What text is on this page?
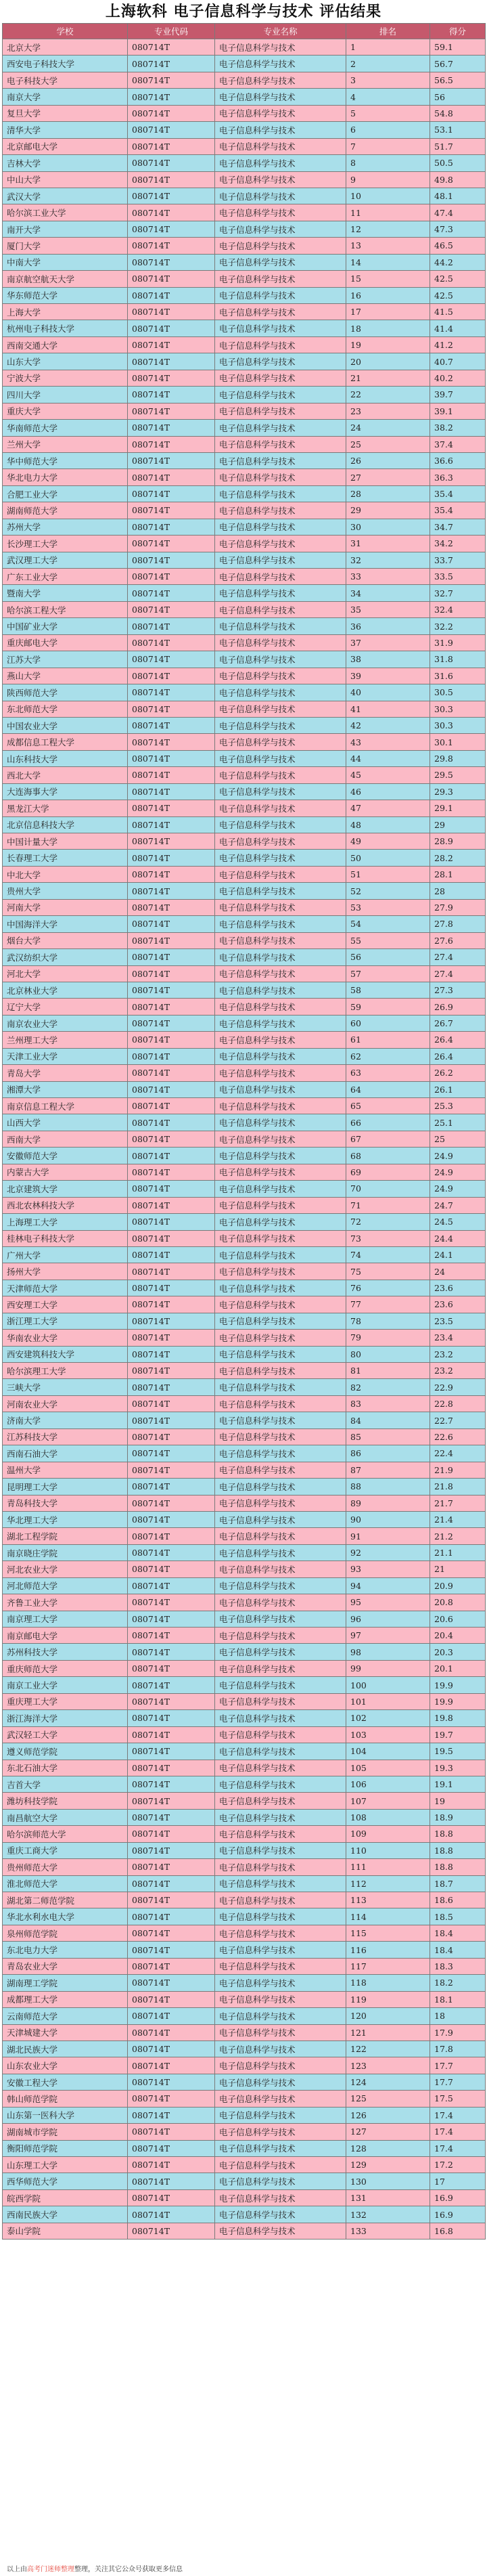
上海软科 电子信息科学与技术 评估结果
学校	专业代码	专业名称	排名	得分
北京大学	080714T	电子信息科学与技术	1	59.1
西安电子科技大学	080714T	电子信息科学与技术	2	56.7
电子科技大学	080714T	电子信息科学与技术	3	56.5
南京大学	080714T	电子信息科学与技术	4	56
复旦大学	080714T	电子信息科学与技术	5	54.8
清华大学	080714T	电子信息科学与技术	6	53.1
北京邮电大学	080714T	电子信息科学与技术	7	51.7
吉林大学	080714T	电子信息科学与技术	8	50.5
中山大学	080714T	电子信息科学与技术	9	49.8
武汉大学	080714T	电子信息科学与技术	10	48.1
哈尔滨工业大学	080714T	电子信息科学与技术	11	47.4
南开大学	080714T	电子信息科学与技术	12	47.3
厦门大学	080714T	电子信息科学与技术	13	46.5
中南大学	080714T	电子信息科学与技术	14	44.2
南京航空航天大学	080714T	电子信息科学与技术	15	42.5
华东师范大学	080714T	电子信息科学与技术	16	42.5
上海大学	080714T	电子信息科学与技术	17	41.5
杭州电子科技大学	080714T	电子信息科学与技术	18	41.4
西南交通大学	080714T	电子信息科学与技术	19	41.2
山东大学	080714T	电子信息科学与技术	20	40.7
宁波大学	080714T	电子信息科学与技术	21	40.2
四川大学	080714T	电子信息科学与技术	22	39.7
重庆大学	080714T	电子信息科学与技术	23	39.1
华南师范大学	080714T	电子信息科学与技术	24	38.2
兰州大学	080714T	电子信息科学与技术	25	37.4
华中师范大学	080714T	电子信息科学与技术	26	36.6
华北电力大学	080714T	电子信息科学与技术	27	36.3
合肥工业大学	080714T	电子信息科学与技术	28	35.4
湖南师范大学	080714T	电子信息科学与技术	29	35.4
苏州大学	080714T	电子信息科学与技术	30	34.7
长沙理工大学	080714T	电子信息科学与技术	31	34.2
武汉理工大学	080714T	电子信息科学与技术	32	33.7
广东工业大学	080714T	电子信息科学与技术	33	33.5
暨南大学	080714T	电子信息科学与技术	34	32.7
哈尔滨工程大学	080714T	电子信息科学与技术	35	32.4
中国矿业大学	080714T	电子信息科学与技术	36	32.2
重庆邮电大学	080714T	电子信息科学与技术	37	31.9
江苏大学	080714T	电子信息科学与技术	38	31.8
燕山大学	080714T	电子信息科学与技术	39	31.6
陕西师范大学	080714T	电子信息科学与技术	40	30.5
东北师范大学	080714T	电子信息科学与技术	41	30.3
中国农业大学	080714T	电子信息科学与技术	42	30.3
成都信息工程大学	080714T	电子信息科学与技术	43	30.1
山东科技大学	080714T	电子信息科学与技术	44	29.8
西北大学	080714T	电子信息科学与技术	45	29.5
大连海事大学	080714T	电子信息科学与技术	46	29.3
黑龙江大学	080714T	电子信息科学与技术	47	29.1
北京信息科技大学	080714T	电子信息科学与技术	48	29
中国计量大学	080714T	电子信息科学与技术	49	28.9
长春理工大学	080714T	电子信息科学与技术	50	28.2
中北大学	080714T	电子信息科学与技术	51	28.1
贵州大学	080714T	电子信息科学与技术	52	28
河南大学	080714T	电子信息科学与技术	53	27.9
中国海洋大学	080714T	电子信息科学与技术	54	27.8
烟台大学	080714T	电子信息科学与技术	55	27.6
武汉纺织大学	080714T	电子信息科学与技术	56	27.4
河北大学	080714T	电子信息科学与技术	57	27.4
北京林业大学	080714T	电子信息科学与技术	58	27.3
辽宁大学	080714T	电子信息科学与技术	59	26.9
南京农业大学	080714T	电子信息科学与技术	60	26.7
兰州理工大学	080714T	电子信息科学与技术	61	26.4
天津工业大学	080714T	电子信息科学与技术	62	26.4
青岛大学	080714T	电子信息科学与技术	63	26.2
湘潭大学	080714T	电子信息科学与技术	64	26.1
南京信息工程大学	080714T	电子信息科学与技术	65	25.3
山西大学	080714T	电子信息科学与技术	66	25.1
西南大学	080714T	电子信息科学与技术	67	25
安徽师范大学	080714T	电子信息科学与技术	68	24.9
内蒙古大学	080714T	电子信息科学与技术	69	24.9
北京建筑大学	080714T	电子信息科学与技术	70	24.9
西北农林科技大学	080714T	电子信息科学与技术	71	24.7
上海理工大学	080714T	电子信息科学与技术	72	24.5
桂林电子科技大学	080714T	电子信息科学与技术	73	24.4
广州大学	080714T	电子信息科学与技术	74	24.1
扬州大学	080714T	电子信息科学与技术	75	24
天津师范大学	080714T	电子信息科学与技术	76	23.6
西安理工大学	080714T	电子信息科学与技术	77	23.6
浙江理工大学	080714T	电子信息科学与技术	78	23.5
华南农业大学	080714T	电子信息科学与技术	79	23.4
西安建筑科技大学	080714T	电子信息科学与技术	80	23.2
哈尔滨理工大学	080714T	电子信息科学与技术	81	23.2
三峡大学	080714T	电子信息科学与技术	82	22.9
河南农业大学	080714T	电子信息科学与技术	83	22.8
济南大学	080714T	电子信息科学与技术	84	22.7
江苏科技大学	080714T	电子信息科学与技术	85	22.6
西南石油大学	080714T	电子信息科学与技术	86	22.4
温州大学	080714T	电子信息科学与技术	87	21.9
昆明理工大学	080714T	电子信息科学与技术	88	21.8
青岛科技大学	080714T	电子信息科学与技术	89	21.7
华北理工大学	080714T	电子信息科学与技术	90	21.4
湖北工程学院	080714T	电子信息科学与技术	91	21.2
南京晓庄学院	080714T	电子信息科学与技术	92	21.1
河北农业大学	080714T	电子信息科学与技术	93	21
河北师范大学	080714T	电子信息科学与技术	94	20.9
齐鲁工业大学	080714T	电子信息科学与技术	95	20.8
南京理工大学	080714T	电子信息科学与技术	96	20.6
南京邮电大学	080714T	电子信息科学与技术	97	20.4
苏州科技大学	080714T	电子信息科学与技术	98	20.3
重庆师范大学	080714T	电子信息科学与技术	99	20.1
南京工业大学	080714T	电子信息科学与技术	100	19.9
重庆理工大学	080714T	电子信息科学与技术	101	19.9
浙江海洋大学	080714T	电子信息科学与技术	102	19.8
武汉轻工大学	080714T	电子信息科学与技术	103	19.7
遵义师范学院	080714T	电子信息科学与技术	104	19.5
东北石油大学	080714T	电子信息科学与技术	105	19.3
吉首大学	080714T	电子信息科学与技术	106	19.1
潍坊科技学院	080714T	电子信息科学与技术	107	19
南昌航空大学	080714T	电子信息科学与技术	108	18.9
哈尔滨师范大学	080714T	电子信息科学与技术	109	18.8
重庆工商大学	080714T	电子信息科学与技术	110	18.8
贵州师范大学	080714T	电子信息科学与技术	111	18.8
淮北师范大学	080714T	电子信息科学与技术	112	18.7
湖北第二师范学院	080714T	电子信息科学与技术	113	18.6
华北水利水电大学	080714T	电子信息科学与技术	114	18.5
泉州师范学院	080714T	电子信息科学与技术	115	18.4
东北电力大学	080714T	电子信息科学与技术	116	18.4
青岛农业大学	080714T	电子信息科学与技术	117	18.3
湖南理工学院	080714T	电子信息科学与技术	118	18.2
成都理工大学	080714T	电子信息科学与技术	119	18.1
云南师范大学	080714T	电子信息科学与技术	120	18
天津城建大学	080714T	电子信息科学与技术	121	17.9
湖北民族大学	080714T	电子信息科学与技术	122	17.8
山东农业大学	080714T	电子信息科学与技术	123	17.7
安徽工程大学	080714T	电子信息科学与技术	124	17.7
韩山师范学院	080714T	电子信息科学与技术	125	17.5
山东第一医科大学	080714T	电子信息科学与技术	126	17.4
湖南城市学院	080714T	电子信息科学与技术	127	17.4
衡阳师范学院	080714T	电子信息科学与技术	128	17.4
山东理工大学	080714T	电子信息科学与技术	129	17.2
西华师范大学	080714T	电子信息科学与技术	130	17
皖西学院	080714T	电子信息科学与技术	131	16.9
西南民族大学	080714T	电子信息科学与技术	132	16.9
泰山学院	080714T	电子信息科学与技术	133	16.8
知乎 @高考门迷师
以上由高考门迷师整理整理，关注其它公众号获取更多信息
